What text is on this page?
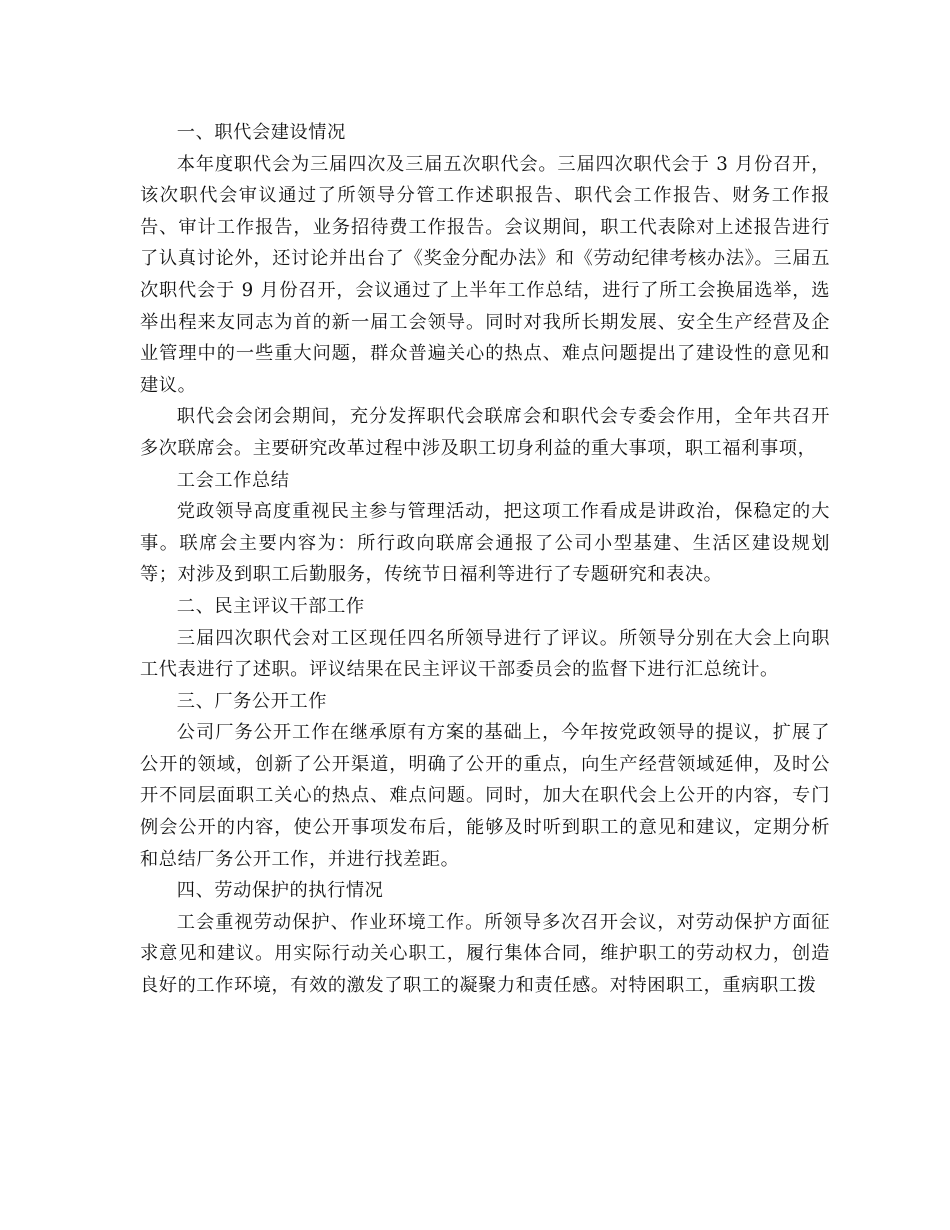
一、职代会建设情况

本年度职代会为三届四次及三届五次职代会。三届四次职代会于 3 月份召开，该次职代会审议通过了所领导分管工作述职报告、职代会工作报告、财务工作报告、审计工作报告，业务招待费工作报告。会议期间，职工代表除对上述报告进行了认真讨论外，还讨论并出台了《奖金分配办法》和《劳动纪律考核办法》。三届五次职代会于 9 月份召开，会议通过了上半年工作总结，进行了所工会换届选举，选举出程来友同志为首的新一届工会领导。同时对我所长期发展、安全生产经营及企业管理中的一些重大问题，群众普遍关心的热点、难点问题提出了建设性的意见和建议。

职代会会闭会期间，充分发挥职代会联席会和职代会专委会作用，全年共召开多次联席会。主要研究改革过程中涉及职工切身利益的重大事项，职工福利事项，

工会工作总结

党政领导高度重视民主参与管理活动，把这项工作看成是讲政治，保稳定的大事。联席会主要内容为：所行政向联席会通报了公司小型基建、生活区建设规划等；对涉及到职工后勤服务，传统节日福利等进行了专题研究和表决。

二、民主评议干部工作

三届四次职代会对工区现任四名所领导进行了评议。所领导分别在大会上向职工代表进行了述职。评议结果在民主评议干部委员会的监督下进行汇总统计。

三、厂务公开工作

公司厂务公开工作在继承原有方案的基础上，今年按党政领导的提议，扩展了公开的领域，创新了公开渠道，明确了公开的重点，向生产经营领域延伸，及时公开不同层面职工关心的热点、难点问题。同时，加大在职代会上公开的内容，专门例会公开的内容，使公开事项发布后，能够及时听到职工的意见和建议，定期分析和总结厂务公开工作，并进行找差距。

四、劳动保护的执行情况

工会重视劳动保护、作业环境工作。所领导多次召开会议，对劳动保护方面征求意见和建议。用实际行动关心职工，履行集体合同，维护职工的劳动权力，创造良好的工作环境，有效的激发了职工的凝聚力和责任感。对特困职工，重病职工拨
